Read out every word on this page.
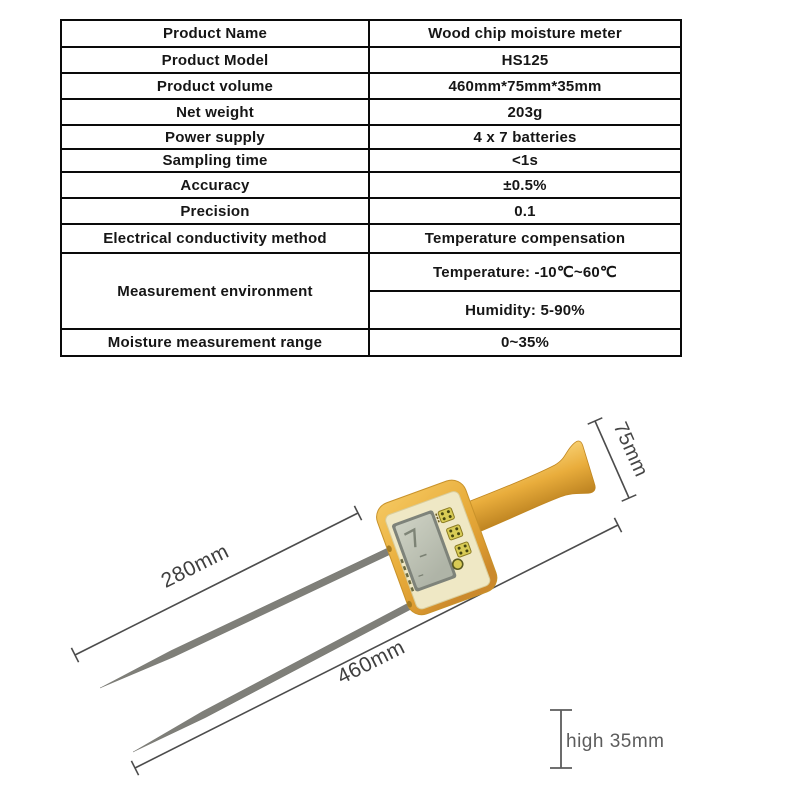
Product Name	Wood chip moisture meter
Product Model	HS125
Product volume	460mm*75mm*35mm
Net weight	203g
Power supply	4 x 7 batteries
Sampling time	<1s
Accuracy	±0.5%
Precision	0.1
Electrical conductivity method	Temperature compensation
Measurement environment	Temperature: -10℃~60℃
	Humidity: 5-90%
Moisture measurement range	0~35%
280mm
460mm
75mm
high 35mm
